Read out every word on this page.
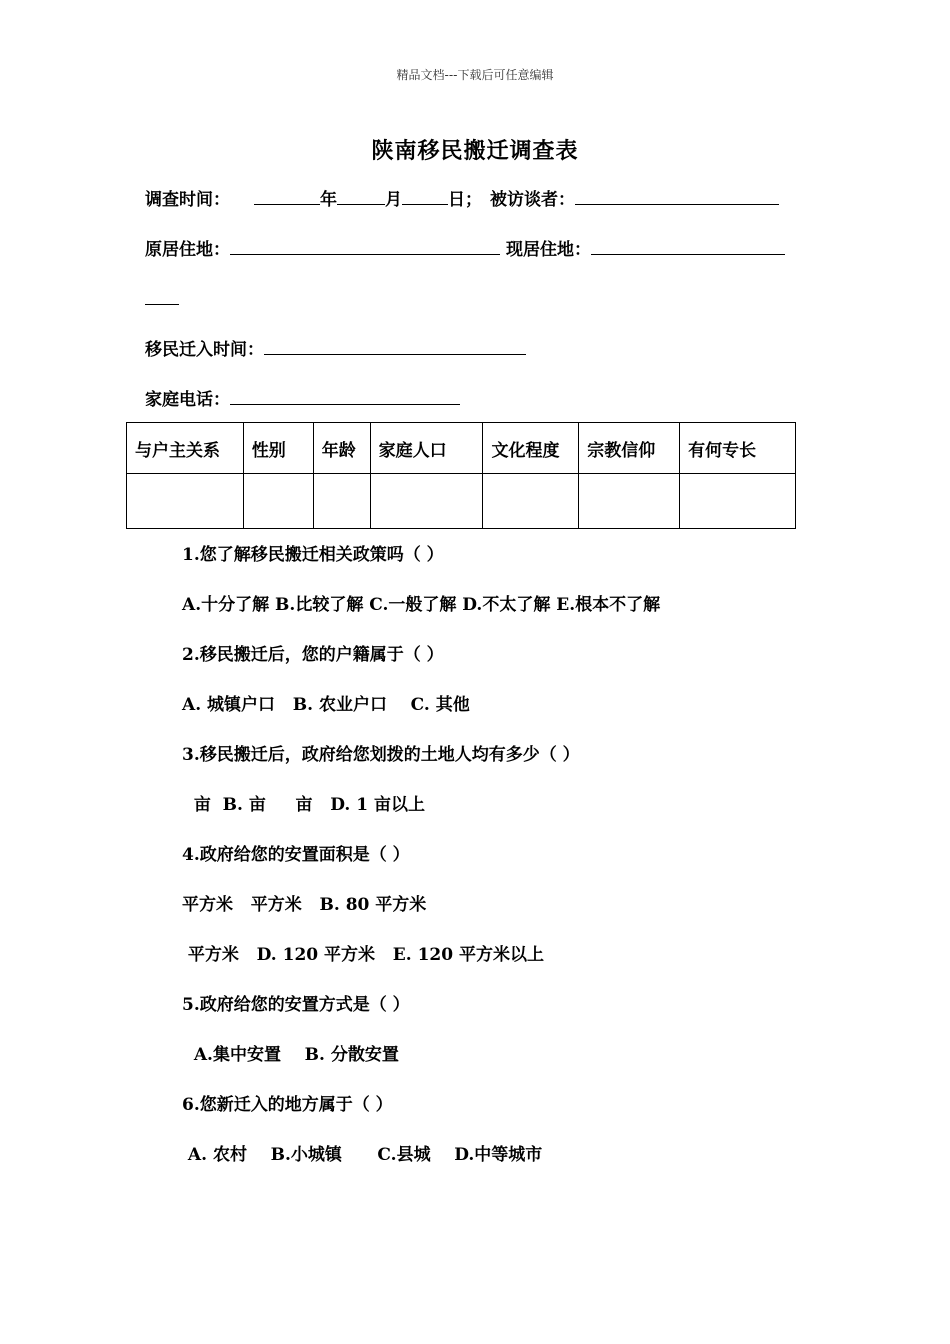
精品文档---下载后可任意编辑
陕南移民搬迁调查表
调查时间：	年	月	日； 被访谈者：
原居住地：	现居住地：
移民迁入时间：
家庭电话：
与户主关系	性别	年龄	家庭人口	文化程度	宗教信仰	有何专长

1.您了解移民搬迁相关政策吗（ ）
A.十分了解 B.比较了解 C.一般了解 D.不太了解 E.根本不了解
2.移民搬迁后，您的户籍属于（ ）
A. 城镇户口   B. 农业户口    C. 其他
3.移民搬迁后，政府给您划拨的土地人均有多少（ ）
亩  B. 亩     亩   D. 1 亩以上
4.政府给您的安置面积是（ ）
平方米   平方米   B. 80 平方米
平方米   D. 120 平方米   E. 120 平方米以上
5.政府给您的安置方式是（ ）
A.集中安置    B. 分散安置
6.您新迁入的地方属于（ ）
A. 农村    B.小城镇      C.县城    D.中等城市
